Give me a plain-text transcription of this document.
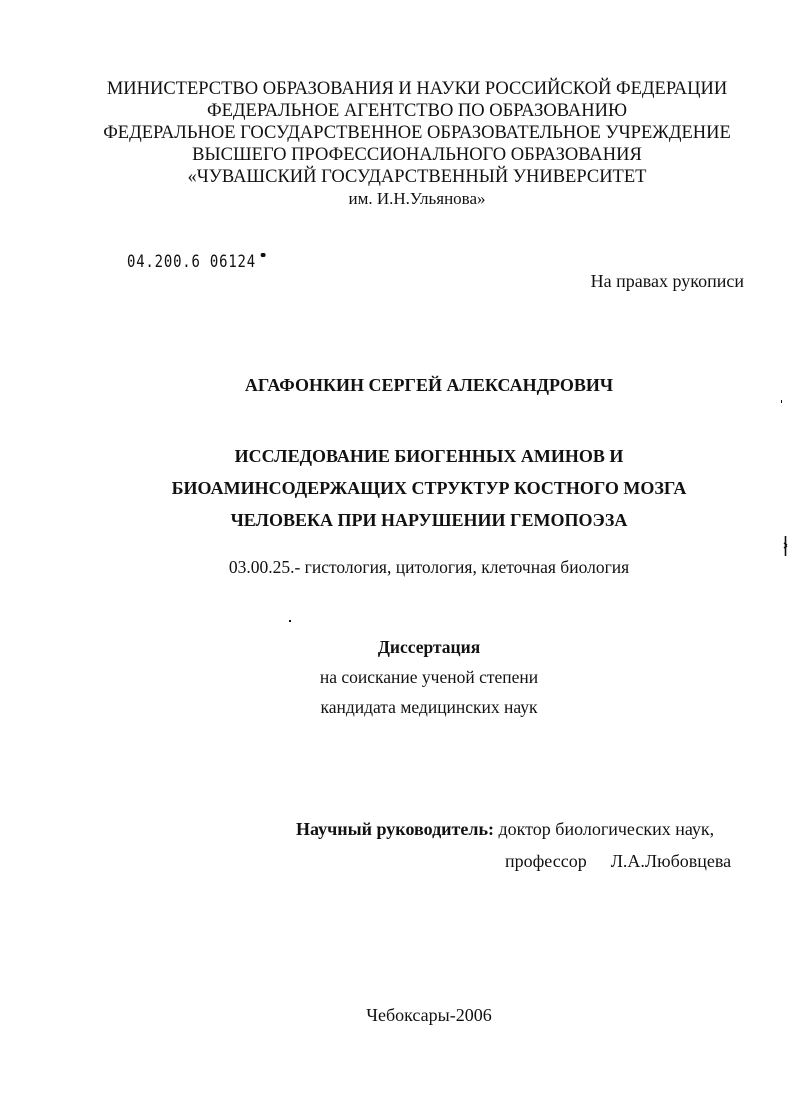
МИНИСТЕРСТВО ОБРАЗОВАНИЯ И НАУКИ РОССИЙСКОЙ ФЕДЕРАЦИИ
ФЕДЕРАЛЬНОЕ АГЕНТСТВО ПО ОБРАЗОВАНИЮ
ФЕДЕРАЛЬНОЕ ГОСУДАРСТВЕННОЕ ОБРАЗОВАТЕЛЬНОЕ УЧРЕЖДЕНИЕ
ВЫСШЕГО ПРОФЕССИОНАЛЬНОГО ОБРАЗОВАНИЯ
«ЧУВАШСКИЙ ГОСУДАРСТВЕННЫЙ УНИВЕРСИТЕТ
им. И.Н.Ульянова»
04.200.6 06124
На правах рукописи
АГАФОНКИН СЕРГЕЙ АЛЕКСАНДРОВИЧ
ИССЛЕДОВАНИЕ БИОГЕННЫХ АМИНОВ И
БИОАМИНСОДЕРЖАЩИХ СТРУКТУР КОСТНОГО МОЗГА
ЧЕЛОВЕКА ПРИ НАРУШЕНИИ ГЕМОПОЭЗА
03.00.25.- гистология, цитология, клеточная биология
Диссертация
на соискание ученой степени
кандидата медицинских наук
Научный руководитель: доктор биологических наук,
профессор Л.А.Любовцева
Чебоксары-2006
